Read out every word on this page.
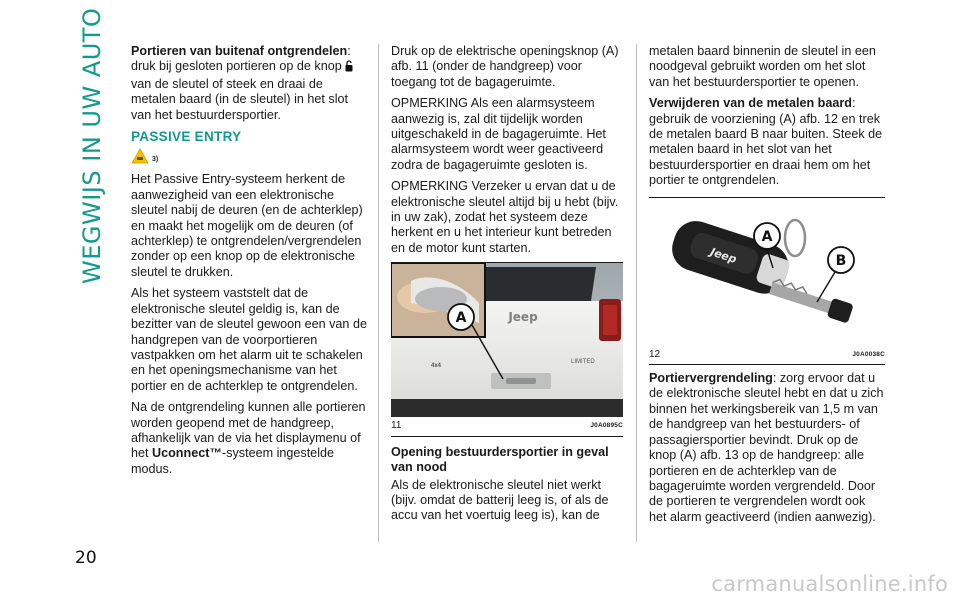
WEGWIJS IN UW AUTO
20

Portieren van buitenaf ontgrendelen: druk bij gesloten portieren op de knop  van de sleutel of steek en draai de metalen baard (in de sleutel) in het slot van het bestuurdersportier.

PASSIVE ENTRY
3)

Het Passive Entry-systeem herkent de aanwezigheid van een elektronische sleutel nabij de deuren (en de achterklep) en maakt het mogelijk om de deuren (of achterklep) te ontgrendelen/vergrendelen zonder op een knop op de elektronische sleutel te drukken.

Als het systeem vaststelt dat de elektronische sleutel geldig is, kan de bezitter van de sleutel gewoon een van de handgrepen van de voorportieren vastpakken om het alarm uit te schakelen en het openingsmechanisme van het portier en de achterklep te ontgrendelen.

Na de ontgrendeling kunnen alle portieren worden geopend met de handgreep, afhankelijk van de via het displaymenu of het Uconnect™-systeem ingestelde modus.

Druk op de elektrische openingsknop (A) afb. 11 (onder de handgreep) voor toegang tot de bagageruimte.

OPMERKING Als een alarmsysteem aanwezig is, zal dit tijdelijk worden uitgeschakeld in de bagageruimte. Het alarmsysteem wordt weer geactiveerd zodra de bagageruimte gesloten is.

OPMERKING Verzeker u ervan dat u de elektronische sleutel altijd bij u hebt (bijv. in uw zak), zodat het systeem deze herkent en u het interieur kunt betreden en de motor kunt starten.

Jeep
LIMITED
4x4
A
11	J0A0895C
Opening bestuurdersportier in geval van nood

Als de elektronische sleutel niet werkt (bijv. omdat de batterij leeg is, of als de accu van het voertuig leeg is), kan de

metalen baard binnenin de sleutel in een noodgeval gebruikt worden om het slot van het bestuurdersportier te openen.

Verwijderen van de metalen baard: gebruik de voorziening (A) afb. 12 en trek de metalen baard B naar buiten. Steek de metalen baard in het slot van het bestuurdersportier en draai hem om het portier te ontgrendelen.

Jeep
A
B
12	J0A0038C

Portiervergrendeling: zorg ervoor dat u de elektronische sleutel hebt en dat u zich binnen het werkingsbereik van 1,5 m van de handgreep van het bestuurders- of passagiersportier bevindt. Druk op de knop (A) afb. 13 op de handgreep: alle portieren en de achterklep van de bagageruimte worden vergrendeld. Door de portieren te vergrendelen wordt ook het alarm geactiveerd (indien aanwezig).

carmanualsonline.info
